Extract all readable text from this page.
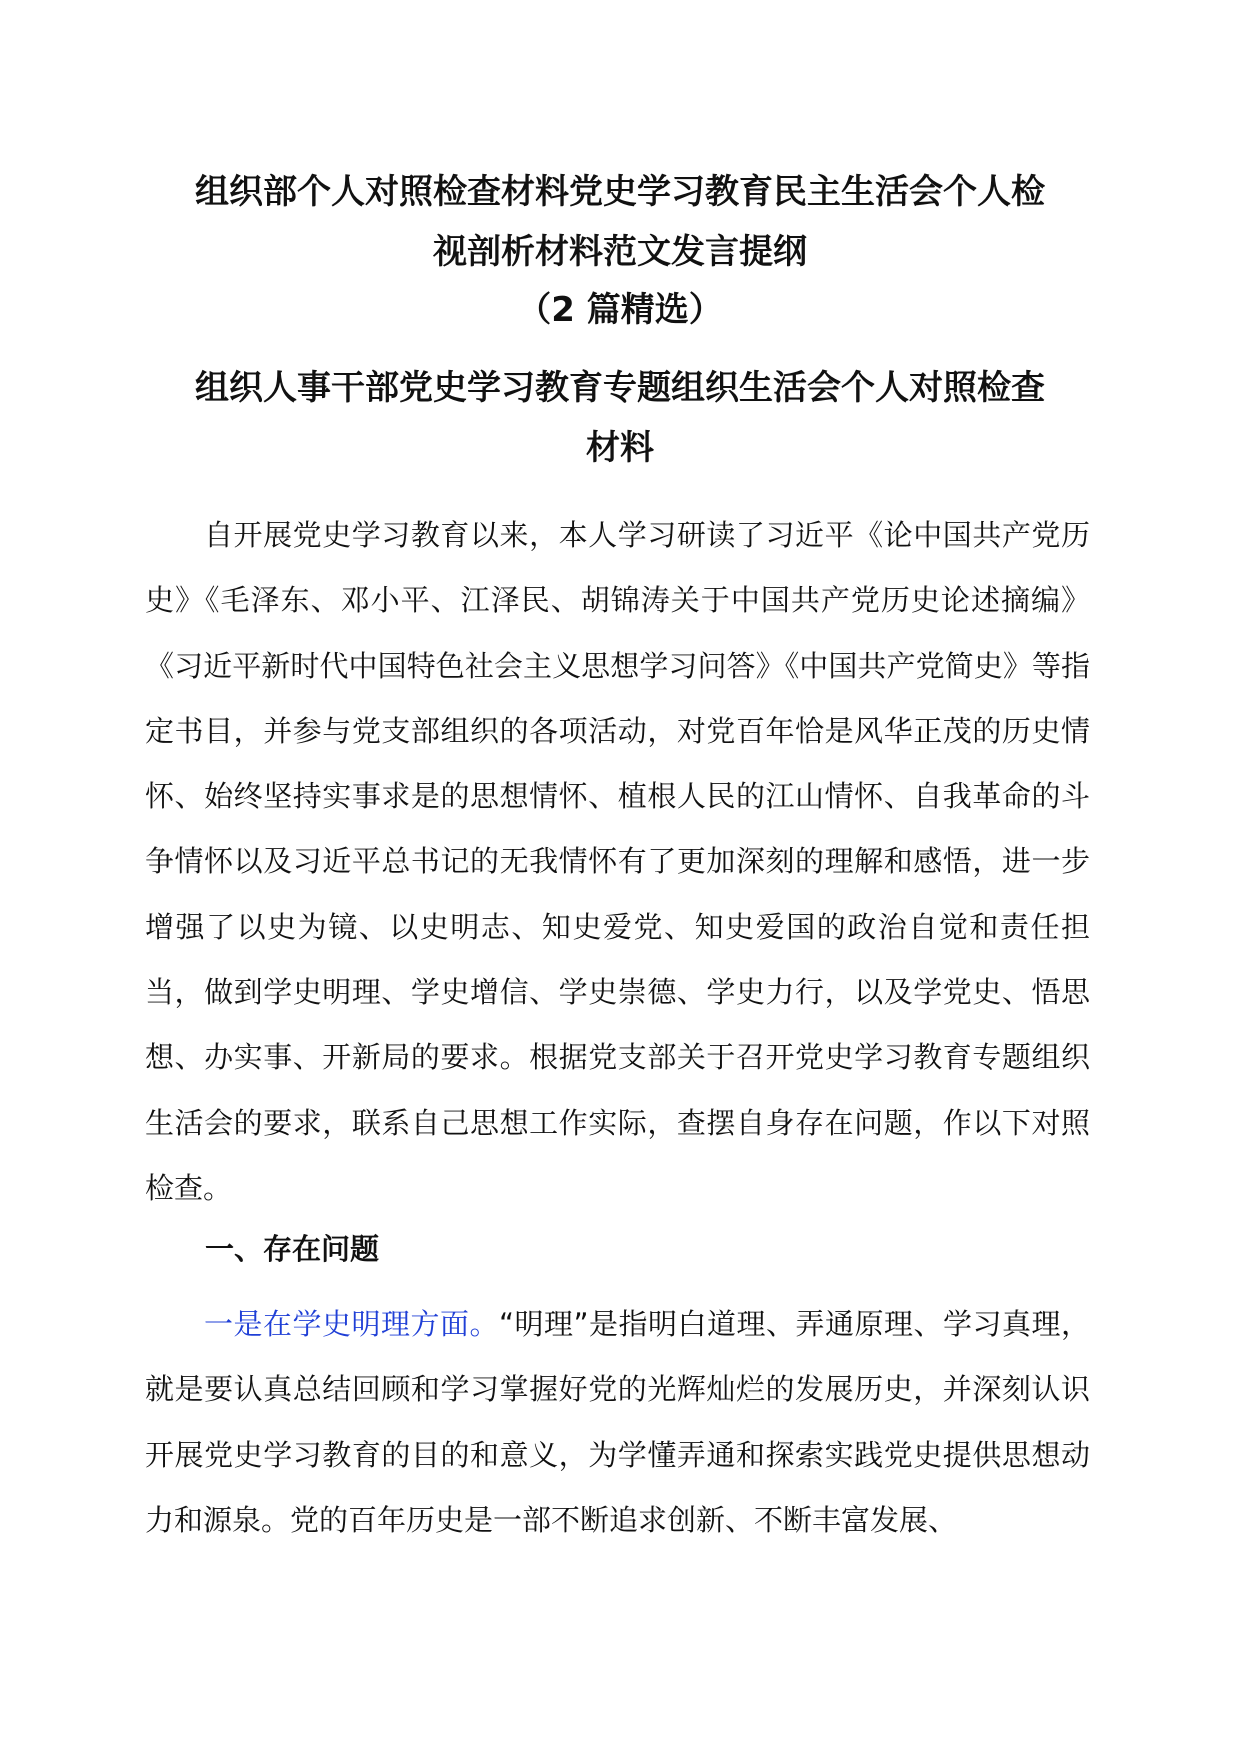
组织部个人对照检查材料党史学习教育民主生活会个人检
视剖析材料范文发言提纲
（2 篇精选）
组织人事干部党史学习教育专题组织生活会个人对照检查
材料

自开展党史学习教育以来，本人学习研读了习近平《论中国共产党历史》《毛泽东、邓小平、江泽民、胡锦涛关于中国共产党历史论述摘编》《习近平新时代中国特色社会主义思想学习问答》《中国共产党简史》等指定书目，并参与党支部组织的各项活动，对党百年恰是风华正茂的历史情怀、始终坚持实事求是的思想情怀、植根人民的江山情怀、自我革命的斗争情怀以及习近平总书记的无我情怀有了更加深刻的理解和感悟，进一步增强了以史为镜、以史明志、知史爱党、知史爱国的政治自觉和责任担当，做到学史明理、学史增信、学史崇德、学史力行，以及学党史、悟思想、办实事、开新局的要求。根据党支部关于召开党史学习教育专题组织生活会的要求，联系自己思想工作实际，查摆自身存在问题，作以下对照检查。

一、存在问题

一是在学史明理方面。“明理”是指明白道理、弄通原理、学习真理，就是要认真总结回顾和学习掌握好党的光辉灿烂的发展历史，并深刻认识开展党史学习教育的目的和意义，为学懂弄通和探索实践党史提供思想动力和源泉。党的百年历史是一部不断追求创新、不断丰富发展、
